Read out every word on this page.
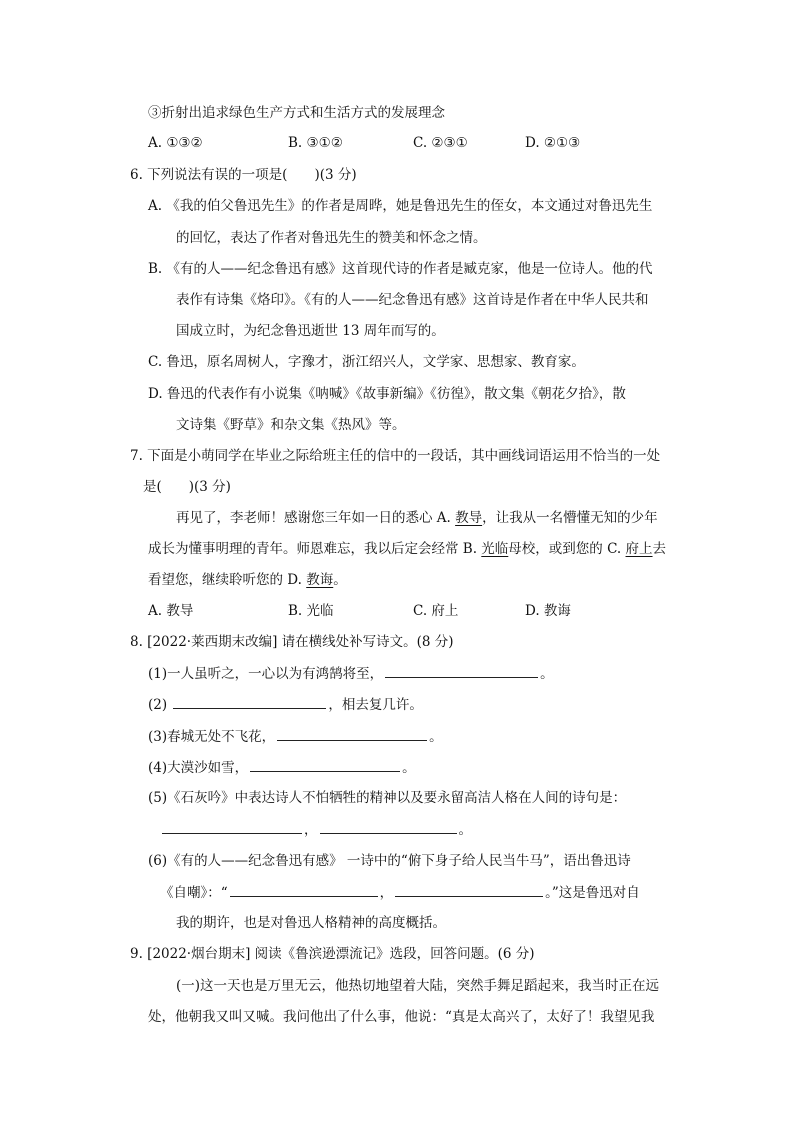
③折射出追求绿色生产方式和生活方式的发展理念
A. ①③②	B. ③①②	C. ②③①	D. ②①③
6. 下列说法有误的一项是(　　)(3 分)
A. 《我的伯父鲁迅先生》的作者是周晔，她是鲁迅先生的侄女，本文通过对鲁迅先生
的回忆，表达了作者对鲁迅先生的赞美和怀念之情。
B. 《有的人——纪念鲁迅有感》这首现代诗的作者是臧克家，他是一位诗人。他的代
表作有诗集《烙印》。《有的人——纪念鲁迅有感》这首诗是作者在中华人民共和
国成立时，为纪念鲁迅逝世 13 周年而写的。
C. 鲁迅，原名周树人，字豫才，浙江绍兴人，文学家、思想家、教育家。
D. 鲁迅的代表作有小说集《呐喊》《故事新编》《彷徨》，散文集《朝花夕拾》，散
文诗集《野草》和杂文集《热风》等。
7. 下面是小萌同学在毕业之际给班主任的信中的一段话，其中画线词语运用不恰当的一处
是(　　)(3 分)
再见了，李老师！感谢您三年如一日的悉心 A. 教导，让我从一名懵懂无知的少年
成长为懂事明理的青年。师恩难忘，我以后定会经常 B. 光临母校，或到您的 C. 府上去
看望您，继续聆听您的 D. 教诲。
A. 教导	B. 光临	C. 府上	D. 教诲
8. [2022·莱西期末改编] 请在横线处补写诗文。(8 分)
(1)一人虽听之，一心以为有鸿鹄将至，	。
(2)	，相去复几许。
(3)春城无处不飞花，	。
(4)大漠沙如雪，	。
(5)《石灰吟》中表达诗人不怕牺牲的精神以及要永留高洁人格在人间的诗句是：
，	。
(6)《有的人——纪念鲁迅有感》 一诗中的“俯下身子给人民当牛马”，语出鲁迅诗
《自嘲》：“	，	。”这是鲁迅对自
我的期许，也是对鲁迅人格精神的高度概括。
9. [2022·烟台期末] 阅读《鲁滨逊漂流记》选段，回答问题。(6 分)
(一)这一天也是万里无云，他热切地望着大陆，突然手舞足蹈起来，我当时正在远
处，他朝我又叫又喊。我问他出了什么事，他说：“真是太高兴了，太好了！我望见我
